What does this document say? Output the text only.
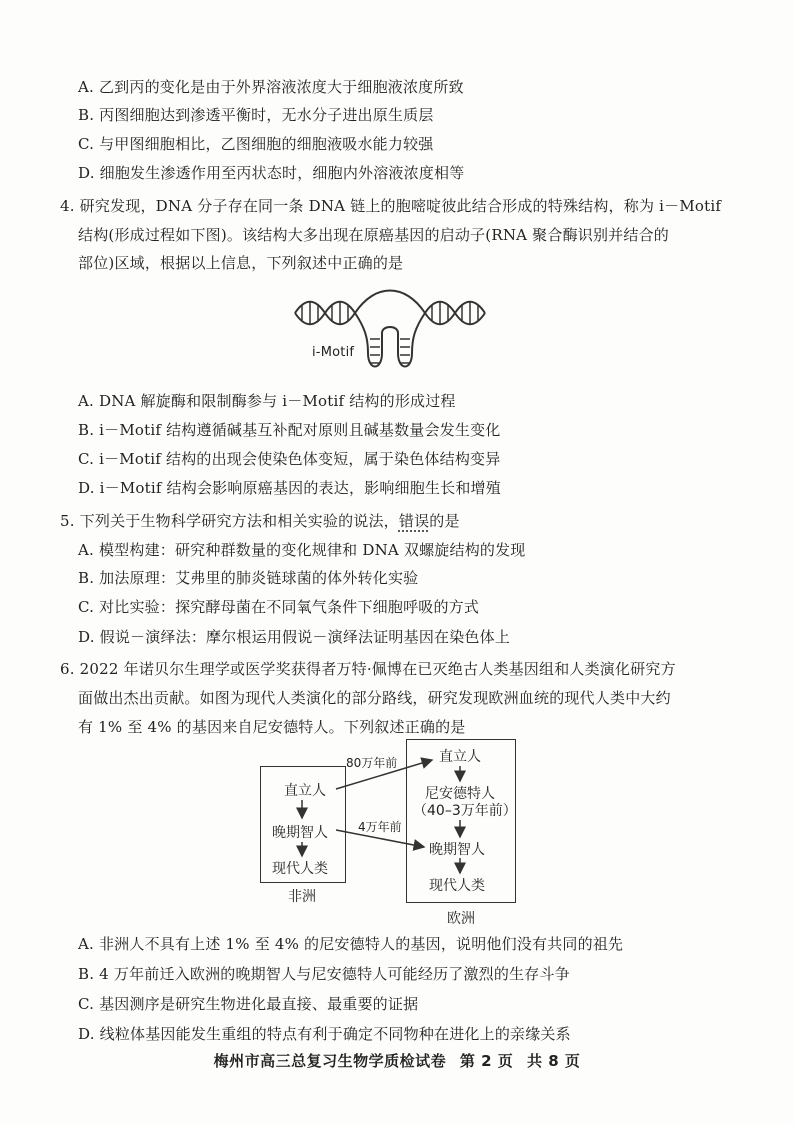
A. 乙到丙的变化是由于外界溶液浓度大于细胞液浓度所致
B. 丙图细胞达到渗透平衡时，无水分子进出原生质层
C. 与甲图细胞相比，乙图细胞的细胞液吸水能力较强
D. 细胞发生渗透作用至丙状态时，细胞内外溶液浓度相等
4. 研究发现，DNA 分子存在同一条 DNA 链上的胞嘧啶彼此结合形成的特殊结构，称为 i－Motif
结构(形成过程如下图)。该结构大多出现在原癌基因的启动子(RNA 聚合酶识别并结合的
部位)区域，根据以上信息，下列叙述中正确的是
i-Motif
A. DNA 解旋酶和限制酶参与 i－Motif 结构的形成过程
B. i－Motif 结构遵循碱基互补配对原则且碱基数量会发生变化
C. i－Motif 结构的出现会使染色体变短，属于染色体结构变异
D. i－Motif 结构会影响原癌基因的表达，影响细胞生长和增殖
5. 下列关于生物科学研究方法和相关实验的说法，错误的是
A. 模型构建：研究种群数量的变化规律和 DNA 双螺旋结构的发现
B. 加法原理：艾弗里的肺炎链球菌的体外转化实验
C. 对比实验：探究酵母菌在不同氧气条件下细胞呼吸的方式
D. 假说－演绎法：摩尔根运用假说－演绎法证明基因在染色体上
6. 2022 年诺贝尔生理学或医学奖获得者万特·佩博在已灭绝古人类基因组和人类演化研究方
面做出杰出贡献。如图为现代人类演化的部分路线，研究发现欧洲血统的现代人类中大约
有 1% 至 4% 的基因来自尼安德特人。下列叙述正确的是
直立人
晚期智人
现代人类
非洲
直立人
尼安德特人
（40–3万年前）
晚期智人
现代人类
欧洲
80万年前
4万年前
A. 非洲人不具有上述 1% 至 4% 的尼安德特人的基因，说明他们没有共同的祖先
B. 4 万年前迁入欧洲的晚期智人与尼安德特人可能经历了激烈的生存斗争
C. 基因测序是研究生物进化最直接、最重要的证据
D. 线粒体基因能发生重组的特点有利于确定不同物种在进化上的亲缘关系
梅州市高三总复习生物学质检试卷 第 2 页 共 8 页
